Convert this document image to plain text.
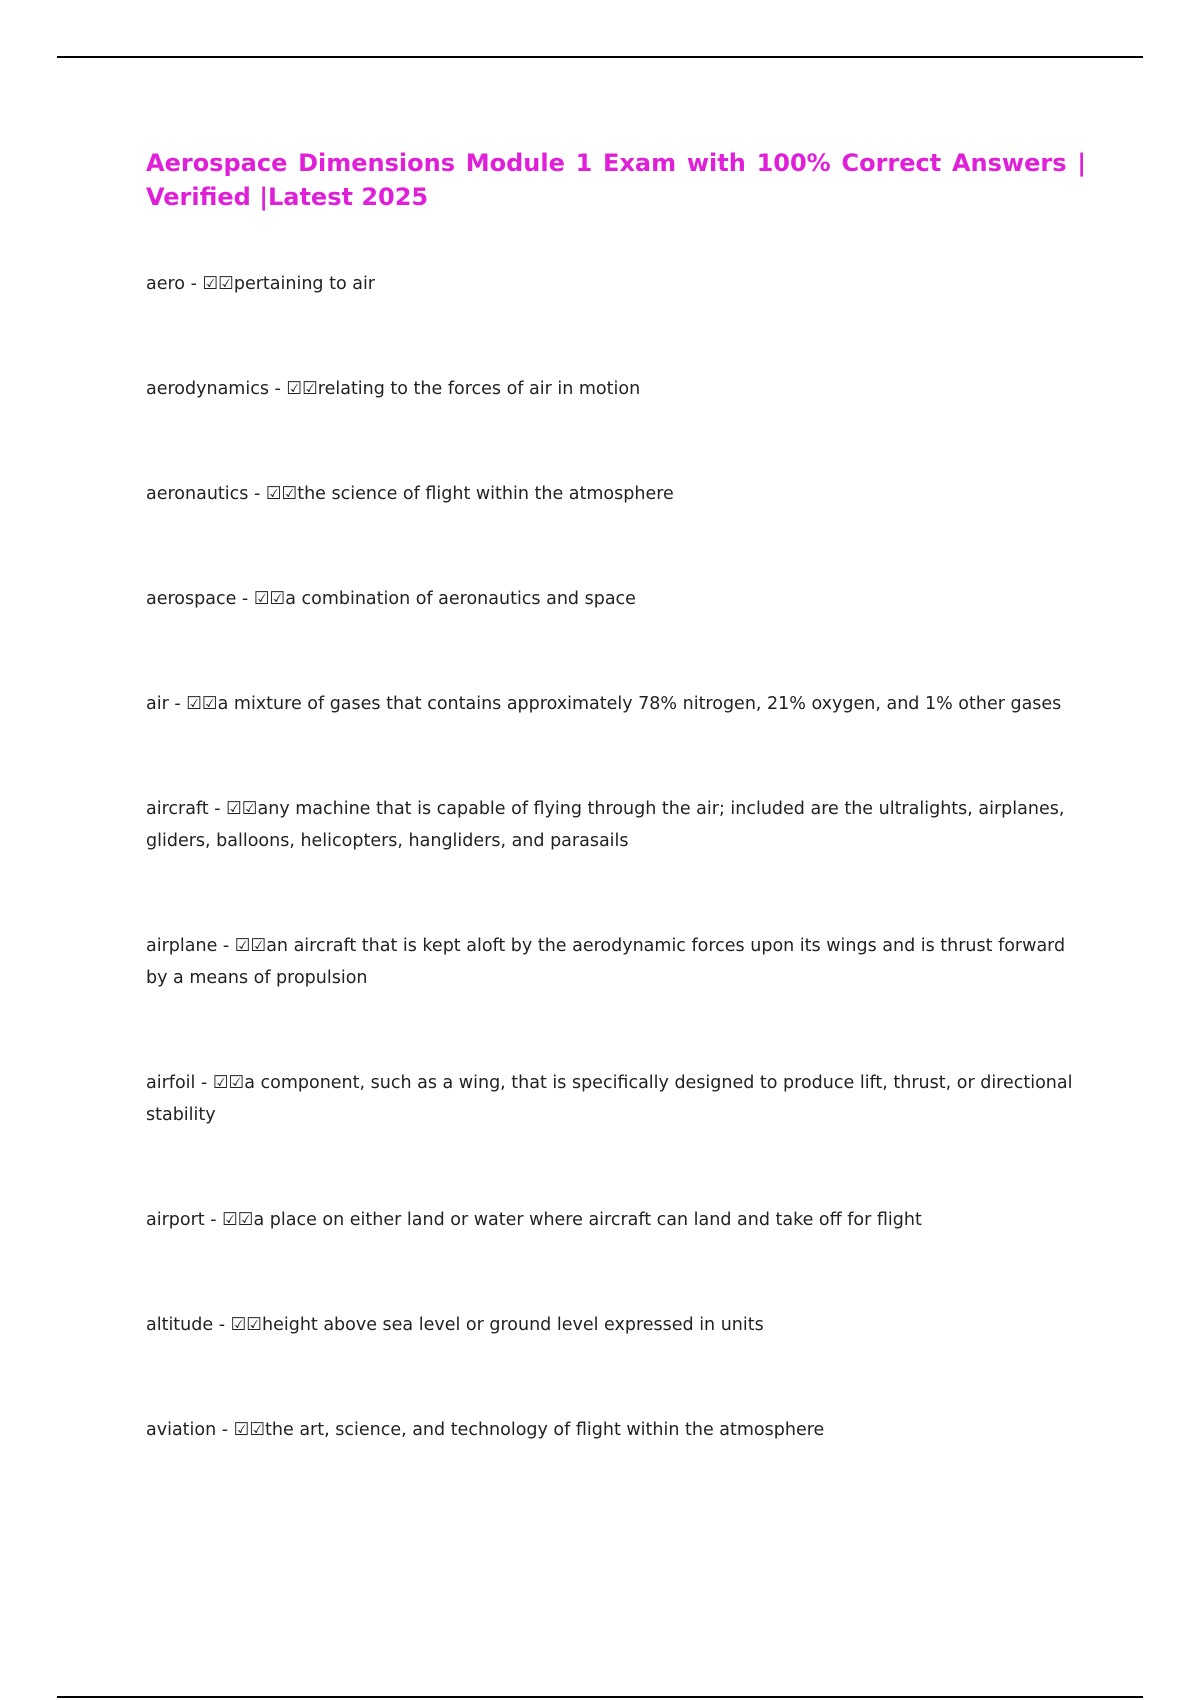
Aerospace Dimensions Module 1 Exam with 100% Correct Answers | Verified |Latest 2025
aero - ☑☑pertaining to air
aerodynamics - ☑☑relating to the forces of air in motion
aeronautics - ☑☑the science of flight within the atmosphere
aerospace - ☑☑a combination of aeronautics and space
air - ☑☑a mixture of gases that contains approximately 78% nitrogen, 21% oxygen, and 1% other gases
aircraft - ☑☑any machine that is capable of flying through the air; included are the ultralights, airplanes, gliders, balloons, helicopters, hangliders, and parasails
airplane - ☑☑an aircraft that is kept aloft by the aerodynamic forces upon its wings and is thrust forward by a means of propulsion
airfoil - ☑☑a component, such as a wing, that is specifically designed to produce lift, thrust, or directional stability
airport - ☑☑a place on either land or water where aircraft can land and take off for flight
altitude - ☑☑height above sea level or ground level expressed in units
aviation - ☑☑the art, science, and technology of flight within the atmosphere
